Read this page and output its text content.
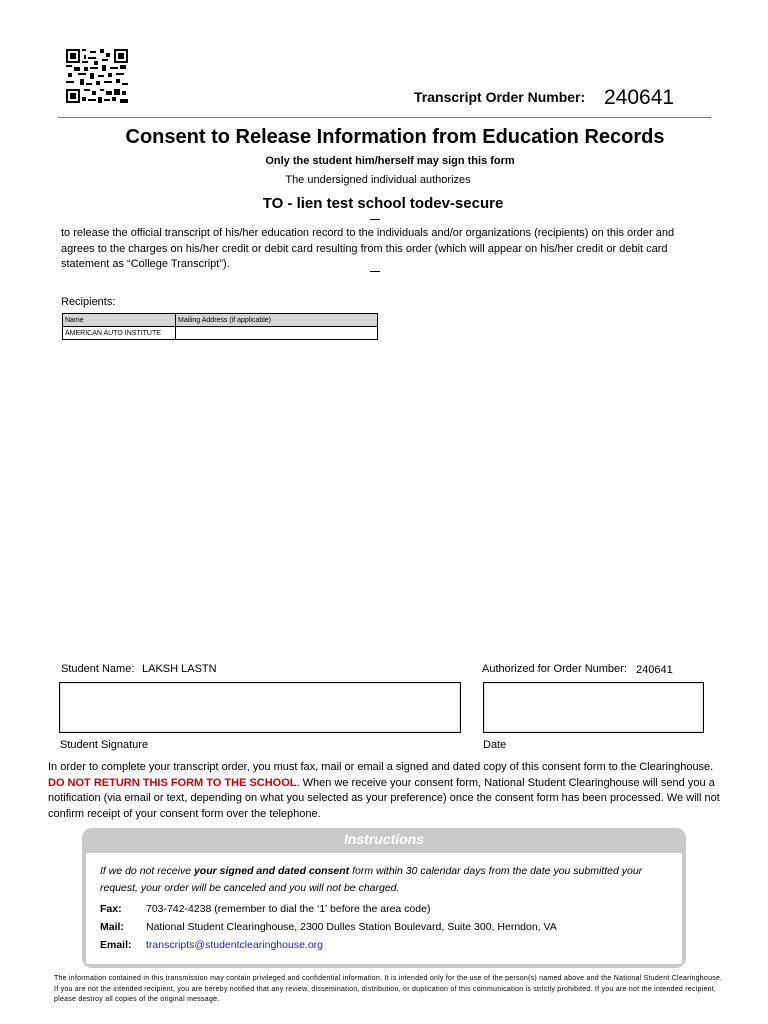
Transcript Order Number: 240641
Consent to Release Information from Education Records
Only the student him/herself may sign this form
The undersigned individual authorizes
TO - lien test school todev-secure
to release the official transcript of his/her education record to the individuals and/or organizations (recipients) on this order and agrees to the charges on his/her credit or debit card resulting from this order (which will appear on his/her credit or debit card statement as “College Transcript”).
Recipients:
Name	Mailing Address (if applicable)
AMERICAN AUTO INSTITUTE	
Student Name: LAKSH LASTN	Authorized for Order Number: 240641
Student Signature	Date
In order to complete your transcript order, you must fax, mail or email a signed and dated copy of this consent form to the Clearinghouse.
DO NOT RETURN THIS FORM TO THE SCHOOL. When we receive your consent form, National Student Clearinghouse will send you a notification (via email or text, depending on what you selected as your preference) once the consent form has been processed. We will not confirm receipt of your consent form over the telephone.
Instructions
If we do not receive your signed and dated consent form within 30 calendar days from the date you submitted your request, your order will be canceled and you will not be charged.
Fax: 703-742-4238 (remember to dial the ‘1’ before the area code)
Mail: National Student Clearinghouse, 2300 Dulles Station Boulevard, Suite 300, Herndon, VA
Email: transcripts@studentclearinghouse.org
The information contained in this transmission may contain privileged and confidential information. It is intended only for the use of the person(s) named above and the National Student Clearinghouse. If you are not the intended recipient, you are hereby notified that any review, dissemination, distribution, or duplication of this communication is strictly prohibited. If you are not the intended recipient, please destroy all copies of the original message.
